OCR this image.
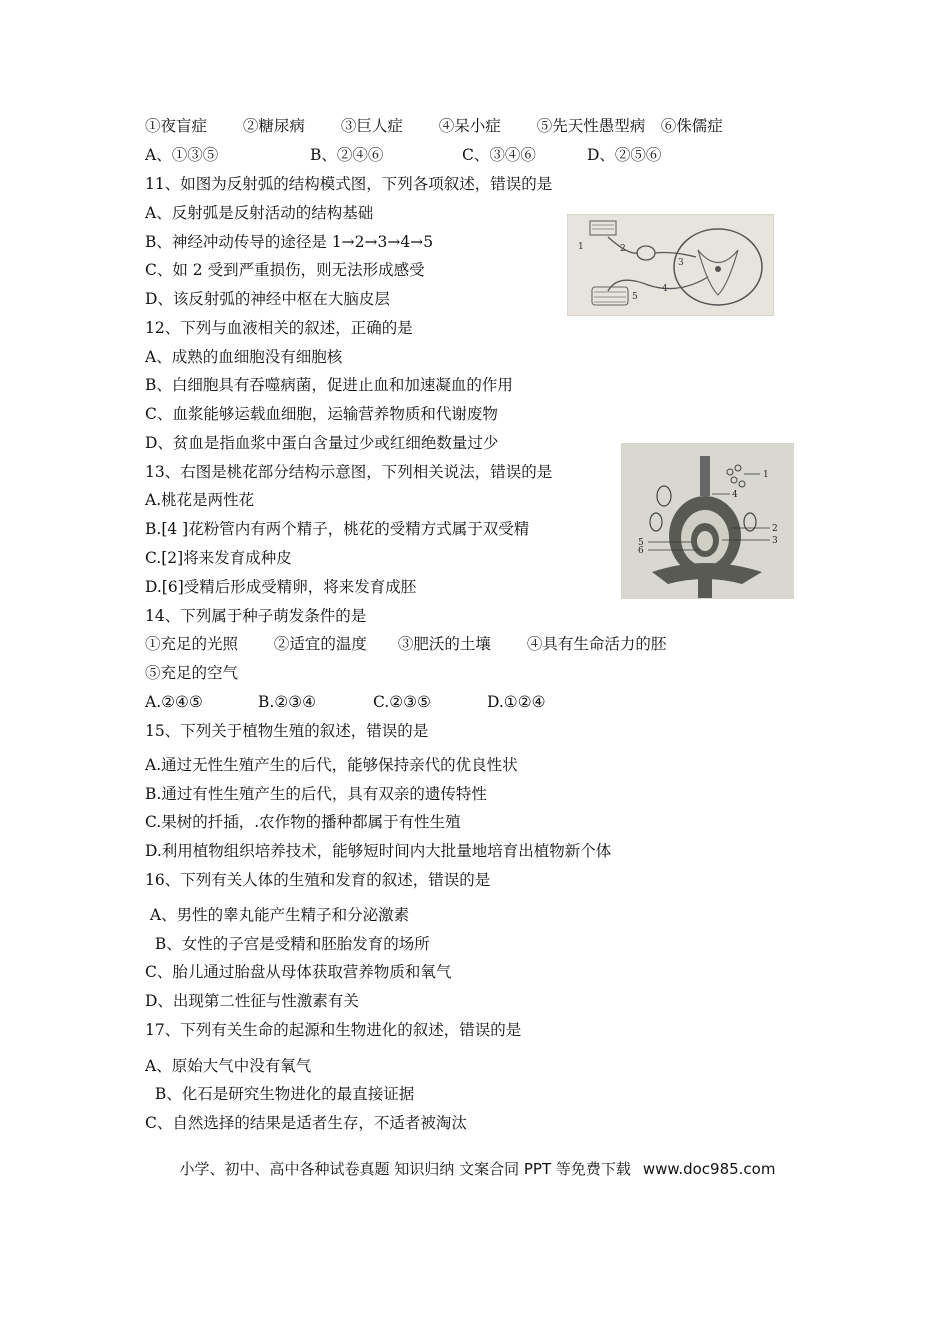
①夜盲症　　 ②糖尿病　　 ③巨人症　　 ④呆小症　　 ⑤先天性愚型病　⑥侏儒症
A、①③⑤	B、②④⑥	C、③④⑥	D、②⑤⑥
11、如图为反射弧的结构模式图，下列各项叙述，错误的是
A、反射弧是反射活动的结构基础
B、神经冲动传导的途径是 1→2→3→4→5
C、如 2 受到严重损伤，则无法形成感受
D、该反射弧的神经中枢在大脑皮层
1	2
3
4
5
12、下列与血液相关的叙述，正确的是
A、成熟的血细胞没有细胞核
B、白细胞具有吞噬病菌，促进止血和加速凝血的作用
C、血浆能够运载血细胞，运输营养物质和代谢废物
D、贫血是指血浆中蛋白含量过少或红细绝数量过少
13、右图是桃花部分结构示意图，下列相关说法，错误的是
A.桃花是两性花
B.[4 ]花粉管内有两个精子，桃花的受精方式属于双受精
C.[2]将来发育成种皮
D.[6]受精后形成受精卵，将来发育成胚
1
2
3
4
5
6
14、下列属于种子萌发条件的是
①充足的光照　　 ②适宜的温度　　③肥沃的土壤　　 ④具有生命活力的胚
⑤充足的空气
A.②④⑤	B.②③④	C.②③⑤	D.①②④
15、下列关于植物生殖的叙述，错误的是
A.通过无性生殖产生的后代，能够保持亲代的优良性状
B.通过有性生殖产生的后代，具有双亲的遗传特性
C.果树的扦插，.农作物的播种都属于有性生殖
D.利用植物组织培养技术，能够短时间内大批量地培育出植物新个体
16、下列有关人体的生殖和发育的叙述，错误的是
A、男性的睾丸能产生精子和分泌激素
B、女性的子宫是受精和胚胎发育的场所
C、胎儿通过胎盘从母体获取营养物质和氧气
D、出现第二性征与性激素有关
17、下列有关生命的起源和生物进化的叙述，错误的是
A、原始大气中没有氧气
B、化石是研究生物进化的最直接证据
C、自然选择的结果是适者生存，不适者被淘汰

小学、初中、高中各种试卷真题 知识归纳 文案合同 PPT 等免费下载 www.doc985.com
